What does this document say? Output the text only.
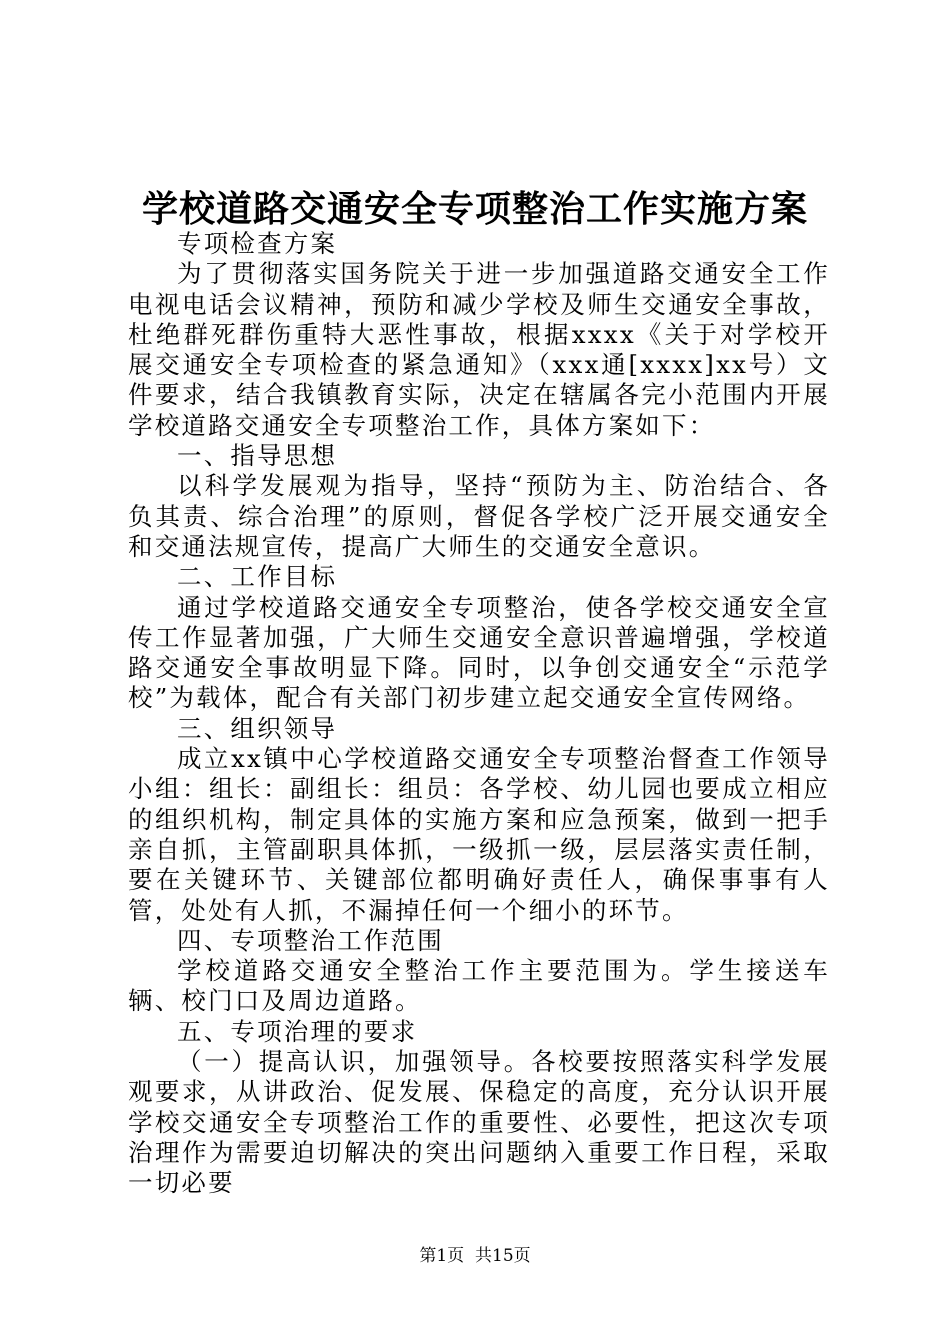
学校道路交通安全专项整治工作实施方案

专项检查方案

为了贯彻落实国务院关于进一步加强道路交通安全工作电视电话会议精神，预防和减少学校及师生交通安全事故，杜绝群死群伤重特大恶性事故，根据xxxx《关于对学校开展交通安全专项检查的紧急通知》（xxx通[xxxx]xx号）文件要求，结合我镇教育实际，决定在辖属各完小范围内开展学校道路交通安全专项整治工作，具体方案如下：

一、指导思想

以科学发展观为指导，坚持“预防为主、防治结合、各负其责、综合治理”的原则，督促各学校广泛开展交通安全和交通法规宣传，提高广大师生的交通安全意识。

二、工作目标

通过学校道路交通安全专项整治，使各学校交通安全宣传工作显著加强，广大师生交通安全意识普遍增强，学校道路交通安全事故明显下降。同时，以争创交通安全“示范学校”为载体，配合有关部门初步建立起交通安全宣传网络。

三、组织领导

成立xx镇中心学校道路交通安全专项整治督查工作领导小组：组长：副组长：组员：各学校、幼儿园也要成立相应的组织机构，制定具体的实施方案和应急预案，做到一把手亲自抓，主管副职具体抓，一级抓一级，层层落实责任制，要在关键环节、关键部位都明确好责任人，确保事事有人管，处处有人抓，不漏掉任何一个细小的环节。

四、专项整治工作范围

学校道路交通安全整治工作主要范围为。学生接送车辆、校门口及周边道路。

五、专项治理的要求

（一）提高认识，加强领导。各校要按照落实科学发展观要求，从讲政治、促发展、保稳定的高度，充分认识开展学校交通安全专项整治工作的重要性、必要性，把这次专项治理作为需要迫切解决的突出问题纳入重要工作日程，采取一切必要

第1页 共15页
